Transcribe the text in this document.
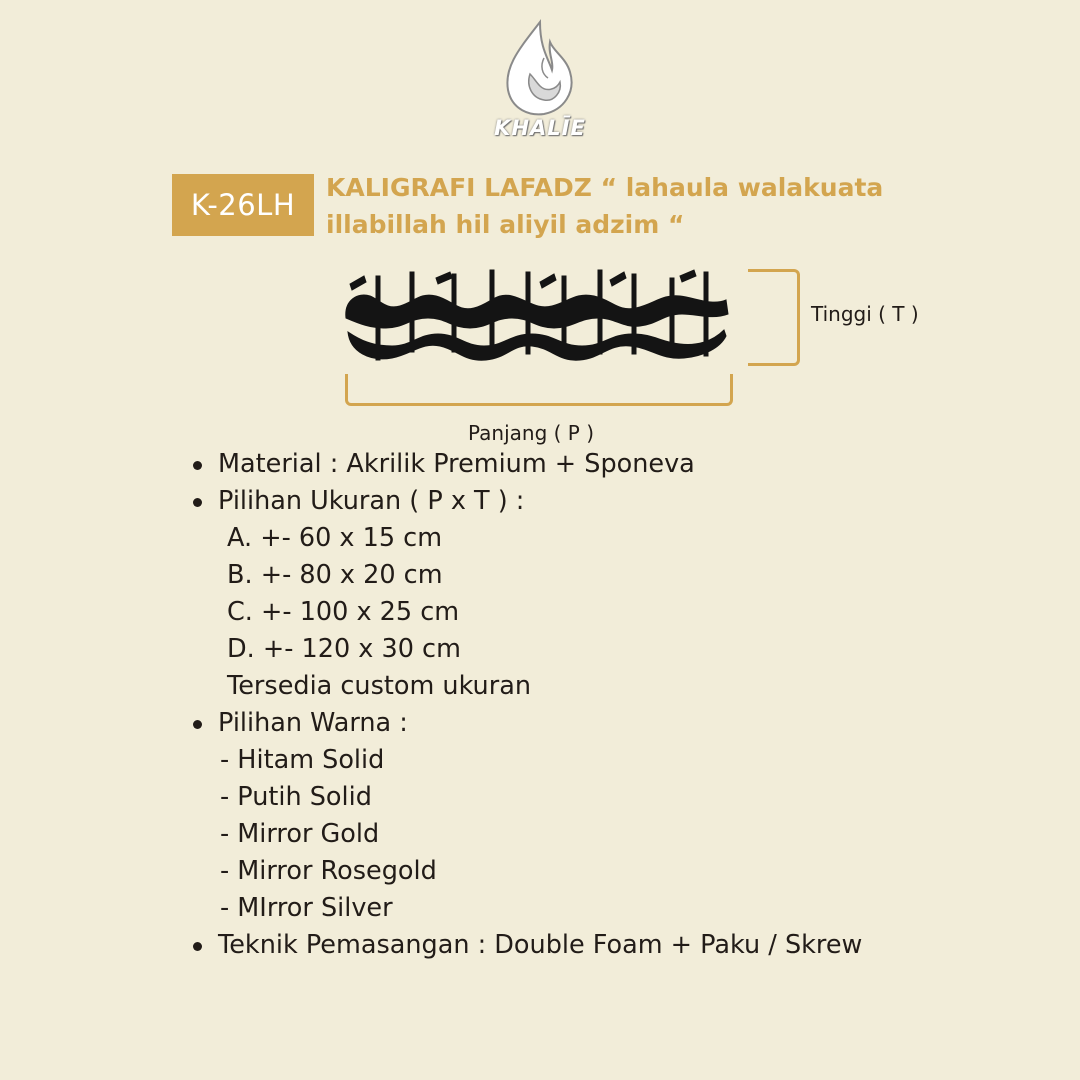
KHALĪE
K-26LH
KALIGRAFI LAFADZ “ lahaula walakuata
illabillah hil aliyil adzim “
Tinggi ( T )
Panjang ( P )
Material : Akrilik Premium + Sponeva
Pilihan Ukuran ( P x T ) :
A. +- 60 x 15 cm
B. +- 80 x 20 cm
C. +- 100 x 25 cm
D. +- 120 x 30 cm
Tersedia custom ukuran
Pilihan Warna :
- Hitam Solid
- Putih Solid
- Mirror Gold
- Mirror Rosegold
- MIrror Silver
Teknik Pemasangan : Double Foam + Paku / Skrew
